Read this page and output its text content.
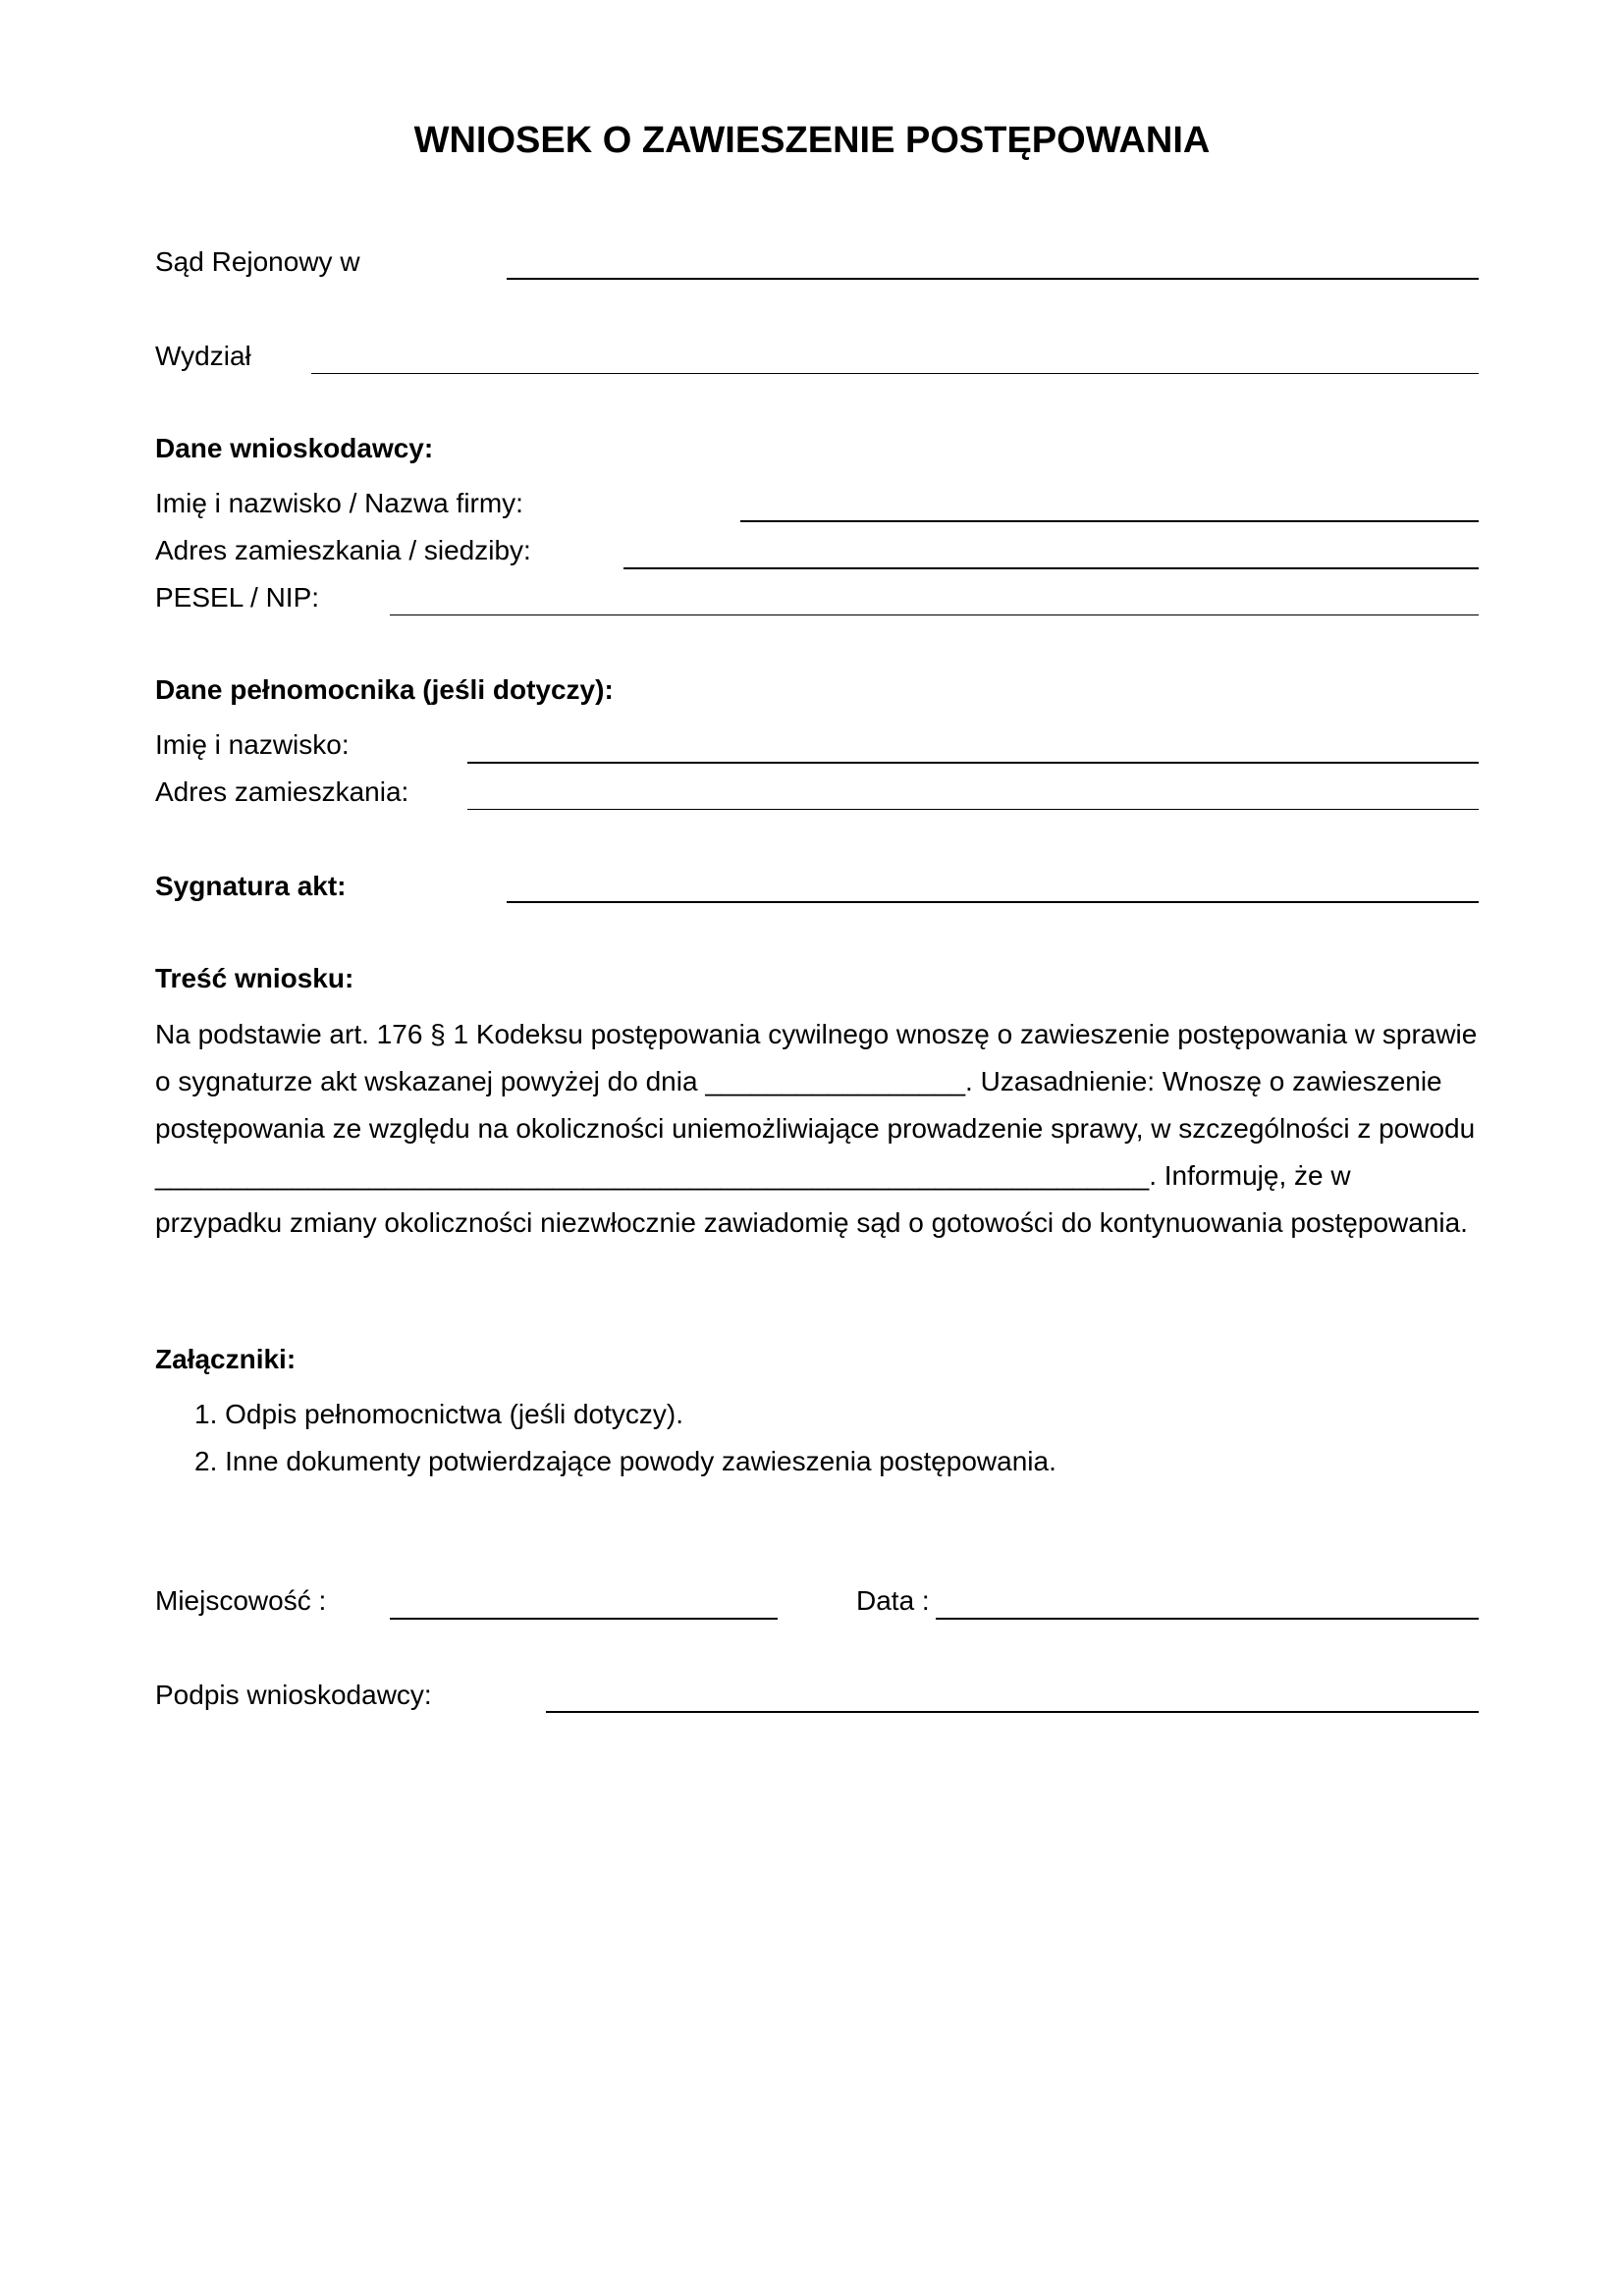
WNIOSEK O ZAWIESZENIE POSTĘPOWANIA
Sąd Rejonowy w
Wydział
Dane wnioskodawcy:
Imię i nazwisko / Nazwa firmy:
Adres zamieszkania / siedziby:
PESEL / NIP:
Dane pełnomocnika (jeśli dotyczy):
Imię i nazwisko:
Adres zamieszkania:
Sygnatura akt:
Treść wniosku:
Na podstawie art. 176 § 1 Kodeksu postępowania cywilnego wnoszę o zawieszenie postępowania w sprawie
o sygnaturze akt wskazanej powyżej do dnia _________________. Uzasadnienie: Wnoszę o zawieszenie
postępowania ze względu na okoliczności uniemożliwiające prowadzenie sprawy, w szczególności z powodu
_________________________________________________________________. Informuję, że w
przypadku zmiany okoliczności niezwłocznie zawiadomię sąd o gotowości do kontynuowania postępowania.
Załączniki:
1. Odpis pełnomocnictwa (jeśli dotyczy).
2. Inne dokumenty potwierdzające powody zawieszenia postępowania.
Miejscowość :	Data :
Podpis wnioskodawcy:
